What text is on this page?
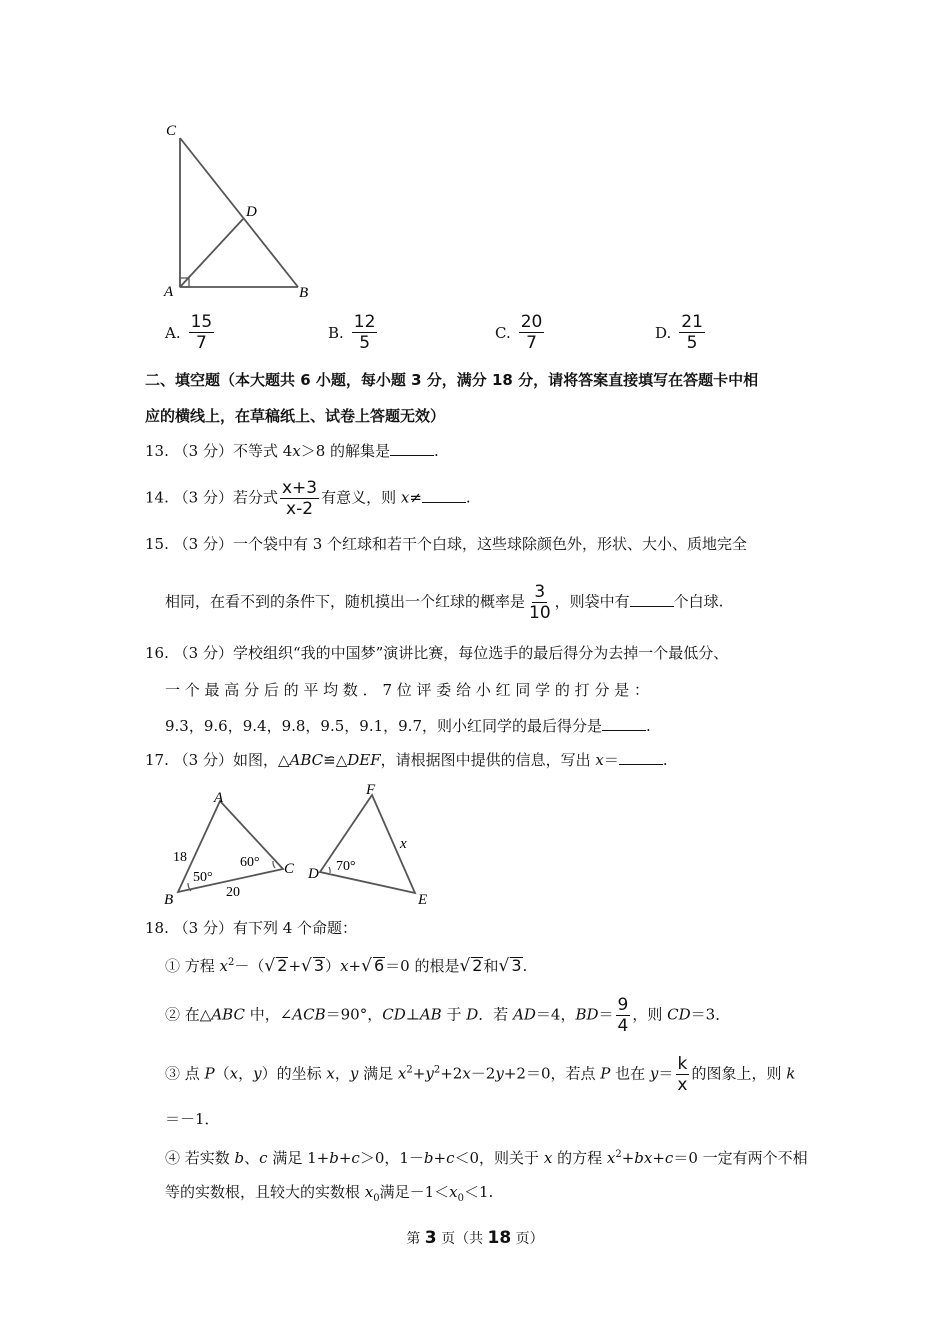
C
D
A	B
A. $\frac{15}{7}$	B. $\frac{12}{5}$	C. $\frac{20}{7}$	D. $\frac{21}{5}$
二、填空题（本大题共 6 小题，每小题 3 分，满分 18 分，请将答案直接填写在答题卡中相
应的横线上，在草稿纸上、试卷上答题无效）
13. （3 分）不等式 4x＞8 的解集是	.
14. （3 分）若分式 $\frac{x+3}{x-2}$ 有意义，则 x≠	.
15. （3 分）一个袋中有 3 个红球和若干个白球，这些球除颜色外，形状、大小、质地完全
相同，在看不到的条件下，随机摸出一个红球的概率是 $\frac{3}{10}$ ，则袋中有	个白球.
16. （3 分）学校组织“我的中国梦”演讲比赛，每位选手的最后得分为去掉一个最低分、
一 个 最 高 分 后 的 平 均 数 ． 7 位 评 委 给 小 红 同 学 的 打 分 是 ：
9.3，9.6，9.4，9.8，9.5，9.1，9.7，则小红同学的最后得分是	.
17. （3 分）如图，△ABC≌△DEF，请根据图中提供的信息，写出 x＝	.
A
B
C
18
20
50°
60°
F
D
E
x
70°
18. （3 分）有下列 4 个命题：
① 方程 $x^2-(√$ 2+√ 3）x+√ 6＝0 的根是√ 2和√ 3.
② 在△ABC 中，∠ACB＝90°，CD⊥AB 于 D．若 AD＝4，$BD= \frac{9}{4}$ ，则 CD＝3．
③ 点 P（x，y）的坐标 x，y 满足 $x^2+y^2+2x-2y+2=0$，若点 P 也在 $y= \frac{k}{x}$ 的图象上，则 k
＝－1．
④ 若实数 b、c 满足 1+b+c＞0，1－b+c＜0，则关于 x 的方程 $x^2+bx+c=0$ 一定有两个不相
等的实数根，且较大的实数根 $x_0$满足$-1<x_0<1$.
第 3 页（共 18 页）
